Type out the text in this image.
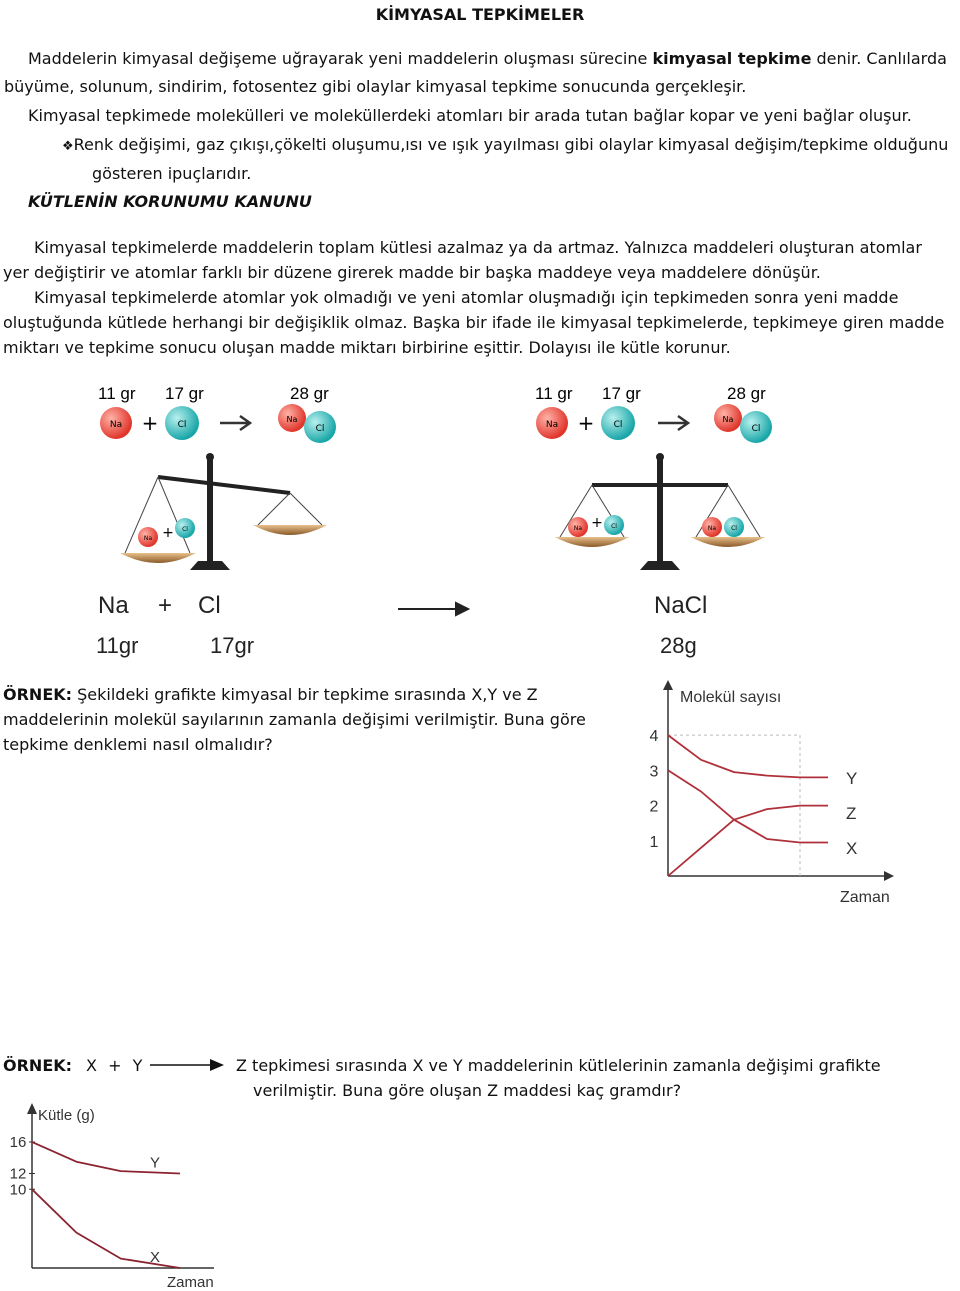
KİMYASAL TEPKİMELER
Maddelerin kimyasal değişeme uğrayarak yeni maddelerin oluşması sürecine kimyasal tepkime denir. Canlılarda
büyüme, solunum, sindirim, fotosentez gibi olaylar kimyasal tepkime sonucunda gerçekleşir.
Kimyasal tepkimede molekülleri ve moleküllerdeki atomları bir arada tutan bağlar kopar ve yeni bağlar oluşur.
❖Renk değişimi, gaz çıkışı,çökelti oluşumu,ısı ve ışık yayılması gibi olaylar kimyasal değişim/tepkime olduğunu
gösteren ipuçlarıdır.
KÜTLENİN KORUNUMU KANUNU
Kimyasal tepkimelerde maddelerin toplam kütlesi azalmaz ya da artmaz. Yalnızca maddeleri oluşturan atomlar
yer değiştirir ve atomlar farklı bir düzene girerek madde bir başka maddeye veya maddelere dönüşür.
Kimyasal tepkimelerde atomlar yok olmadığı ve yeni atomlar oluşmadığı için tepkimeden sonra yeni madde
oluştuğunda kütlede herhangi bir değişiklik olmaz. Başka bir ifade ile kimyasal tepkimelerde, tepkimeye giren madde
miktarı ve tepkime sonucu oluşan madde miktarı birbirine eşittir. Dolayısı ile kütle korunur.
11 gr 17 gr	28 gr
Na + Cl
Na
Cl
Na + Cl
11 gr 17 gr	28 gr
Na + Cl
Na
Cl
Na + Cl	Na Cl
Na + Cl	NaCl
11gr	17gr	28g
ÖRNEK: Şekildeki grafikte kimyasal bir tepkime sırasında X,Y ve Z
maddelerinin molekül sayılarının zamanla değişimi verilmiştir. Buna göre
tepkime denklemi nasıl olmalıdır?
Molekül sayısı
Zaman
1
2
3
4
Y
Z
X
ÖRNEK: X + Y	Z tepkimesi sırasında X ve Y maddelerinin kütlelerinin zamanla değişimi grafikte
verilmiştir. Buna göre oluşan Z maddesi kaç gramdır?
Kütle (g)
Zaman
10
12
16
Y
X
